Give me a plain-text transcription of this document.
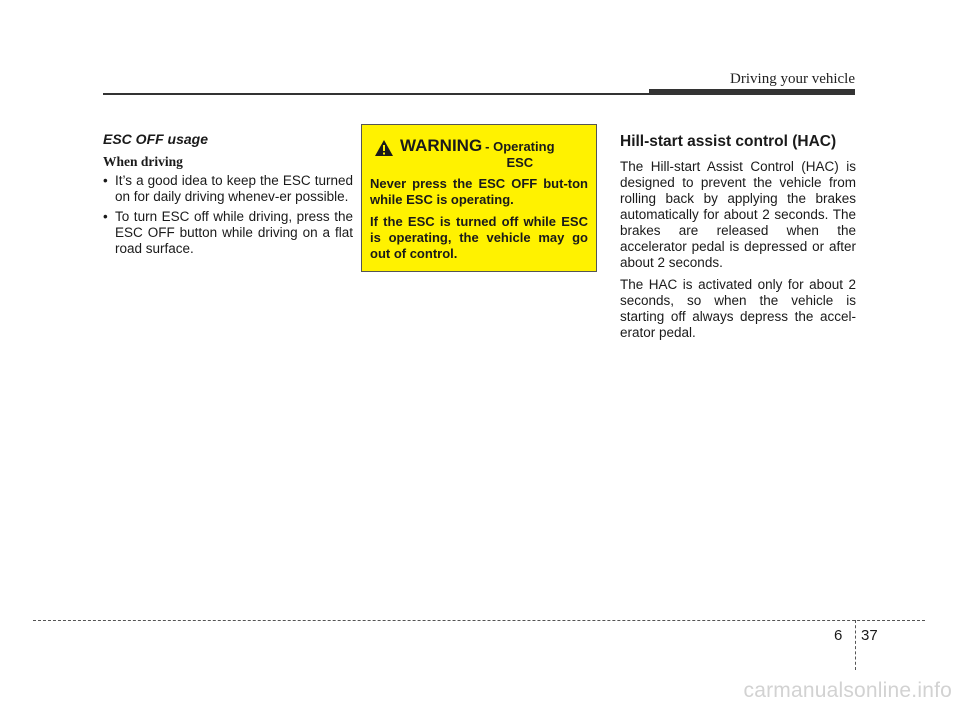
Driving your vehicle
ESC OFF usage
When driving
• It’s a good idea to keep the ESC turned on for daily driving whenev-er possible.
• To turn ESC off while driving, press the ESC OFF button while driving on a flat road surface.
WARNING - Operating
ESC

Never press the ESC OFF but-ton while ESC is operating.

If the ESC is turned off while ESC is operating, the vehicle may go out of control.

Hill-start assist control (HAC)

The Hill-start Assist Control (HAC) is designed to prevent the vehicle from rolling back by applying the brakes automatically for about 2 seconds. The brakes are released when the accelerator pedal is depressed or after about 2 seconds.

The HAC is activated only for about 2 seconds, so when the vehicle is starting off always depress the accel-erator pedal.

6 37
carmanualsonline.info
